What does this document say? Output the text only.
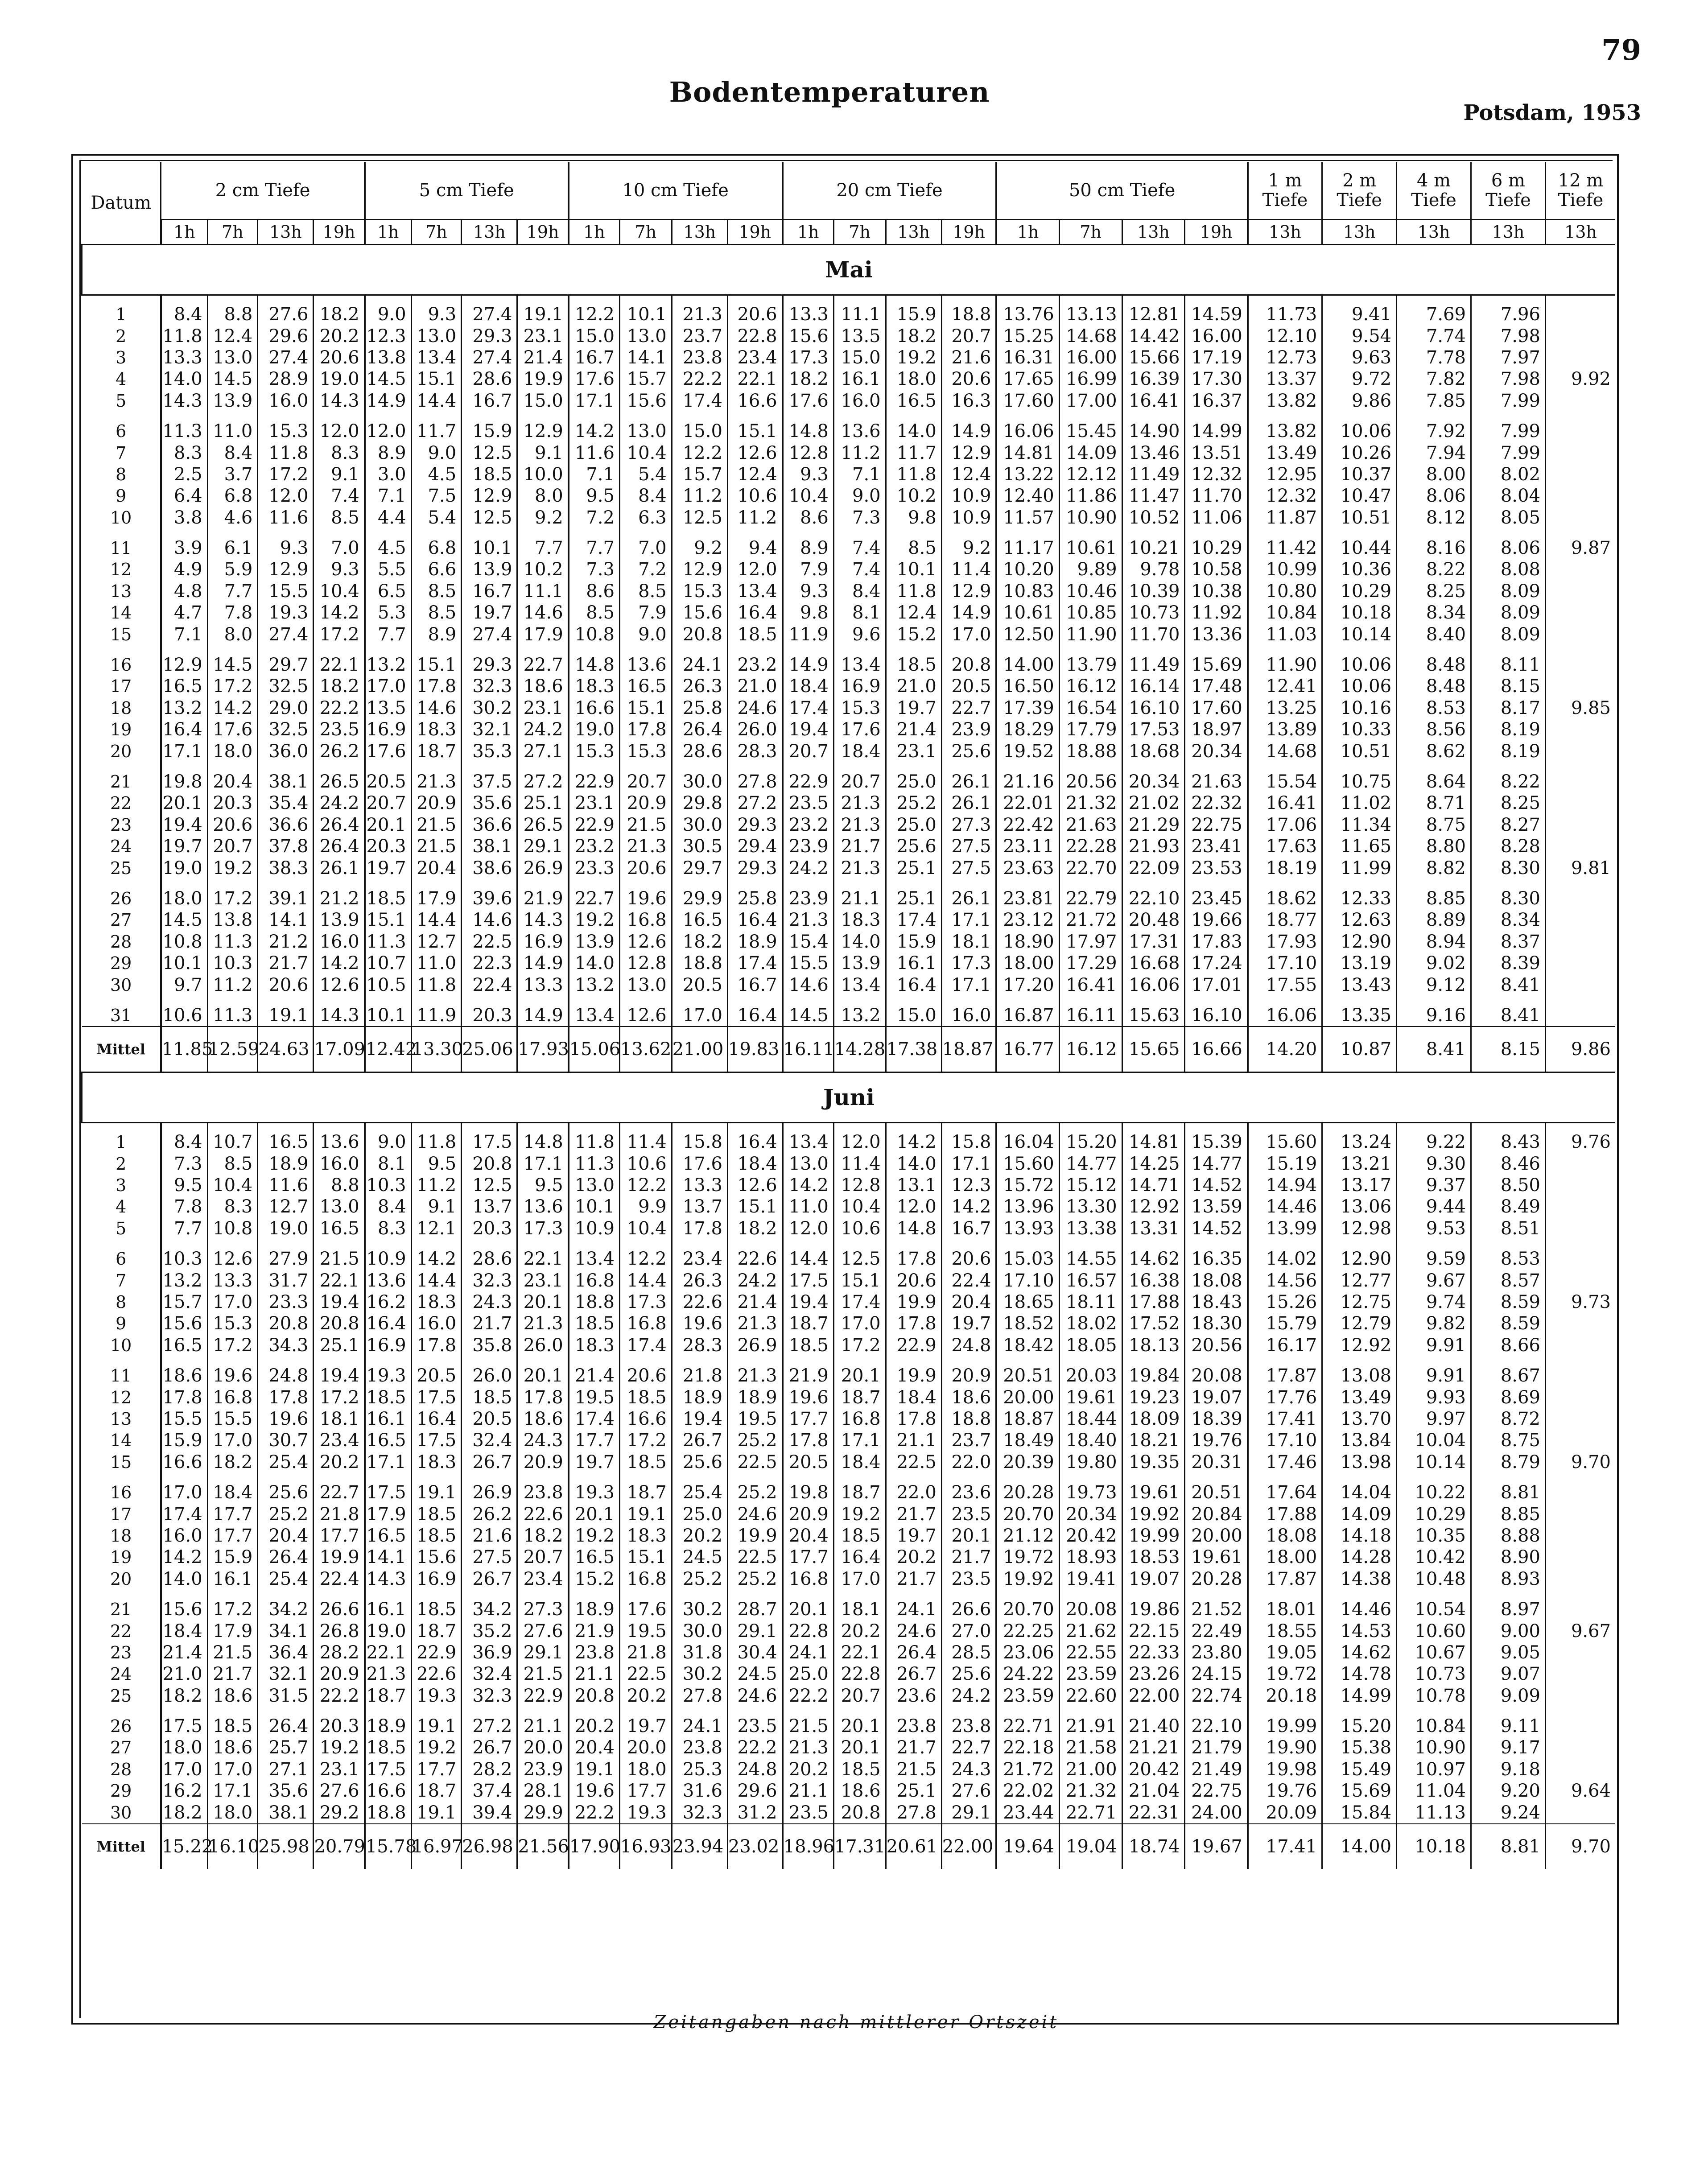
79
Bodentemperaturen
Potsdam, 1953
Datum	2 cm Tiefe				5 cm Tiefe				10 cm Tiefe				20 cm Tiefe				50 cm Tiefe				1 m Tiefe	2 m Tiefe	4 m Tiefe	6 m Tiefe	12 m Tiefe
	1h	7h	13h	19h	1h	7h	13h	19h	1h	7h	13h	19h	1h	7h	13h	19h	1h	7h	13h	19h	13h	13h	13h	13h	13h
Mai																									

1	8.4	8.8	27.6	18.2	9.0	9.3	27.4	19.1	12.2	10.1	21.3	20.6	13.3	11.1	15.9	18.8	13.76	13.13	12.81	14.59	11.73	9.41	7.69	7.96	
2	11.8	12.4	29.6	20.2	12.3	13.0	29.3	23.1	15.0	13.0	23.7	22.8	15.6	13.5	18.2	20.7	15.25	14.68	14.42	16.00	12.10	9.54	7.74	7.98	
3	13.3	13.0	27.4	20.6	13.8	13.4	27.4	21.4	16.7	14.1	23.8	23.4	17.3	15.0	19.2	21.6	16.31	16.00	15.66	17.19	12.73	9.63	7.78	7.97	
4	14.0	14.5	28.9	19.0	14.5	15.1	28.6	19.9	17.6	15.7	22.2	22.1	18.2	16.1	18.0	20.6	17.65	16.99	16.39	17.30	13.37	9.72	7.82	7.98	9.92
5	14.3	13.9	16.0	14.3	14.9	14.4	16.7	15.0	17.1	15.6	17.4	16.6	17.6	16.0	16.5	16.3	17.60	17.00	16.41	16.37	13.82	9.86	7.85	7.99	

6	11.3	11.0	15.3	12.0	12.0	11.7	15.9	12.9	14.2	13.0	15.0	15.1	14.8	13.6	14.0	14.9	16.06	15.45	14.90	14.99	13.82	10.06	7.92	7.99	
7	8.3	8.4	11.8	8.3	8.9	9.0	12.5	9.1	11.6	10.4	12.2	12.6	12.8	11.2	11.7	12.9	14.81	14.09	13.46	13.51	13.49	10.26	7.94	7.99	
8	2.5	3.7	17.2	9.1	3.0	4.5	18.5	10.0	7.1	5.4	15.7	12.4	9.3	7.1	11.8	12.4	13.22	12.12	11.49	12.32	12.95	10.37	8.00	8.02	
9	6.4	6.8	12.0	7.4	7.1	7.5	12.9	8.0	9.5	8.4	11.2	10.6	10.4	9.0	10.2	10.9	12.40	11.86	11.47	11.70	12.32	10.47	8.06	8.04	
10	3.8	4.6	11.6	8.5	4.4	5.4	12.5	9.2	7.2	6.3	12.5	11.2	8.6	7.3	9.8	10.9	11.57	10.90	10.52	11.06	11.87	10.51	8.12	8.05	

11	3.9	6.1	9.3	7.0	4.5	6.8	10.1	7.7	7.7	7.0	9.2	9.4	8.9	7.4	8.5	9.2	11.17	10.61	10.21	10.29	11.42	10.44	8.16	8.06	9.87
12	4.9	5.9	12.9	9.3	5.5	6.6	13.9	10.2	7.3	7.2	12.9	12.0	7.9	7.4	10.1	11.4	10.20	9.89	9.78	10.58	10.99	10.36	8.22	8.08	
13	4.8	7.7	15.5	10.4	6.5	8.5	16.7	11.1	8.6	8.5	15.3	13.4	9.3	8.4	11.8	12.9	10.83	10.46	10.39	10.38	10.80	10.29	8.25	8.09	
14	4.7	7.8	19.3	14.2	5.3	8.5	19.7	14.6	8.5	7.9	15.6	16.4	9.8	8.1	12.4	14.9	10.61	10.85	10.73	11.92	10.84	10.18	8.34	8.09	
15	7.1	8.0	27.4	17.2	7.7	8.9	27.4	17.9	10.8	9.0	20.8	18.5	11.9	9.6	15.2	17.0	12.50	11.90	11.70	13.36	11.03	10.14	8.40	8.09	

16	12.9	14.5	29.7	22.1	13.2	15.1	29.3	22.7	14.8	13.6	24.1	23.2	14.9	13.4	18.5	20.8	14.00	13.79	11.49	15.69	11.90	10.06	8.48	8.11	
17	16.5	17.2	32.5	18.2	17.0	17.8	32.3	18.6	18.3	16.5	26.3	21.0	18.4	16.9	21.0	20.5	16.50	16.12	16.14	17.48	12.41	10.06	8.48	8.15	
18	13.2	14.2	29.0	22.2	13.5	14.6	30.2	23.1	16.6	15.1	25.8	24.6	17.4	15.3	19.7	22.7	17.39	16.54	16.10	17.60	13.25	10.16	8.53	8.17	9.85
19	16.4	17.6	32.5	23.5	16.9	18.3	32.1	24.2	19.0	17.8	26.4	26.0	19.4	17.6	21.4	23.9	18.29	17.79	17.53	18.97	13.89	10.33	8.56	8.19	
20	17.1	18.0	36.0	26.2	17.6	18.7	35.3	27.1	15.3	15.3	28.6	28.3	20.7	18.4	23.1	25.6	19.52	18.88	18.68	20.34	14.68	10.51	8.62	8.19	

21	19.8	20.4	38.1	26.5	20.5	21.3	37.5	27.2	22.9	20.7	30.0	27.8	22.9	20.7	25.0	26.1	21.16	20.56	20.34	21.63	15.54	10.75	8.64	8.22	
22	20.1	20.3	35.4	24.2	20.7	20.9	35.6	25.1	23.1	20.9	29.8	27.2	23.5	21.3	25.2	26.1	22.01	21.32	21.02	22.32	16.41	11.02	8.71	8.25	
23	19.4	20.6	36.6	26.4	20.1	21.5	36.6	26.5	22.9	21.5	30.0	29.3	23.2	21.3	25.0	27.3	22.42	21.63	21.29	22.75	17.06	11.34	8.75	8.27	
24	19.7	20.7	37.8	26.4	20.3	21.5	38.1	29.1	23.2	21.3	30.5	29.4	23.9	21.7	25.6	27.5	23.11	22.28	21.93	23.41	17.63	11.65	8.80	8.28	
25	19.0	19.2	38.3	26.1	19.7	20.4	38.6	26.9	23.3	20.6	29.7	29.3	24.2	21.3	25.1	27.5	23.63	22.70	22.09	23.53	18.19	11.99	8.82	8.30	9.81

26	18.0	17.2	39.1	21.2	18.5	17.9	39.6	21.9	22.7	19.6	29.9	25.8	23.9	21.1	25.1	26.1	23.81	22.79	22.10	23.45	18.62	12.33	8.85	8.30	
27	14.5	13.8	14.1	13.9	15.1	14.4	14.6	14.3	19.2	16.8	16.5	16.4	21.3	18.3	17.4	17.1	23.12	21.72	20.48	19.66	18.77	12.63	8.89	8.34	
28	10.8	11.3	21.2	16.0	11.3	12.7	22.5	16.9	13.9	12.6	18.2	18.9	15.4	14.0	15.9	18.1	18.90	17.97	17.31	17.83	17.93	12.90	8.94	8.37	
29	10.1	10.3	21.7	14.2	10.7	11.0	22.3	14.9	14.0	12.8	18.8	17.4	15.5	13.9	16.1	17.3	18.00	17.29	16.68	17.24	17.10	13.19	9.02	8.39	
30	9.7	11.2	20.6	12.6	10.5	11.8	22.4	13.3	13.2	13.0	20.5	16.7	14.6	13.4	16.4	17.1	17.20	16.41	16.06	17.01	17.55	13.43	9.12	8.41	

31	10.6	11.3	19.1	14.3	10.1	11.9	20.3	14.9	13.4	12.6	17.0	16.4	14.5	13.2	15.0	16.0	16.87	16.11	15.63	16.10	16.06	13.35	9.16	8.41	
Mittel	11.85	12.59	24.63	17.09	12.42	13.30	25.06	17.93	15.06	13.62	21.00	19.83	16.11	14.28	17.38	18.87	16.77	16.12	15.65	16.66	14.20	10.87	8.41	8.15	9.86
Juni																									

1	8.4	10.7	16.5	13.6	9.0	11.8	17.5	14.8	11.8	11.4	15.8	16.4	13.4	12.0	14.2	15.8	16.04	15.20	14.81	15.39	15.60	13.24	9.22	8.43	9.76
2	7.3	8.5	18.9	16.0	8.1	9.5	20.8	17.1	11.3	10.6	17.6	18.4	13.0	11.4	14.0	17.1	15.60	14.77	14.25	14.77	15.19	13.21	9.30	8.46	
3	9.5	10.4	11.6	8.8	10.3	11.2	12.5	9.5	13.0	12.2	13.3	12.6	14.2	12.8	13.1	12.3	15.72	15.12	14.71	14.52	14.94	13.17	9.37	8.50	
4	7.8	8.3	12.7	13.0	8.4	9.1	13.7	13.6	10.1	9.9	13.7	15.1	11.0	10.4	12.0	14.2	13.96	13.30	12.92	13.59	14.46	13.06	9.44	8.49	
5	7.7	10.8	19.0	16.5	8.3	12.1	20.3	17.3	10.9	10.4	17.8	18.2	12.0	10.6	14.8	16.7	13.93	13.38	13.31	14.52	13.99	12.98	9.53	8.51	

6	10.3	12.6	27.9	21.5	10.9	14.2	28.6	22.1	13.4	12.2	23.4	22.6	14.4	12.5	17.8	20.6	15.03	14.55	14.62	16.35	14.02	12.90	9.59	8.53	
7	13.2	13.3	31.7	22.1	13.6	14.4	32.3	23.1	16.8	14.4	26.3	24.2	17.5	15.1	20.6	22.4	17.10	16.57	16.38	18.08	14.56	12.77	9.67	8.57	
8	15.7	17.0	23.3	19.4	16.2	18.3	24.3	20.1	18.8	17.3	22.6	21.4	19.4	17.4	19.9	20.4	18.65	18.11	17.88	18.43	15.26	12.75	9.74	8.59	9.73
9	15.6	15.3	20.8	20.8	16.4	16.0	21.7	21.3	18.5	16.8	19.6	21.3	18.7	17.0	17.8	19.7	18.52	18.02	17.52	18.30	15.79	12.79	9.82	8.59	
10	16.5	17.2	34.3	25.1	16.9	17.8	35.8	26.0	18.3	17.4	28.3	26.9	18.5	17.2	22.9	24.8	18.42	18.05	18.13	20.56	16.17	12.92	9.91	8.66	

11	18.6	19.6	24.8	19.4	19.3	20.5	26.0	20.1	21.4	20.6	21.8	21.3	21.9	20.1	19.9	20.9	20.51	20.03	19.84	20.08	17.87	13.08	9.91	8.67	
12	17.8	16.8	17.8	17.2	18.5	17.5	18.5	17.8	19.5	18.5	18.9	18.9	19.6	18.7	18.4	18.6	20.00	19.61	19.23	19.07	17.76	13.49	9.93	8.69	
13	15.5	15.5	19.6	18.1	16.1	16.4	20.5	18.6	17.4	16.6	19.4	19.5	17.7	16.8	17.8	18.8	18.87	18.44	18.09	18.39	17.41	13.70	9.97	8.72	
14	15.9	17.0	30.7	23.4	16.5	17.5	32.4	24.3	17.7	17.2	26.7	25.2	17.8	17.1	21.1	23.7	18.49	18.40	18.21	19.76	17.10	13.84	10.04	8.75	
15	16.6	18.2	25.4	20.2	17.1	18.3	26.7	20.9	19.7	18.5	25.6	22.5	20.5	18.4	22.5	22.0	20.39	19.80	19.35	20.31	17.46	13.98	10.14	8.79	9.70

16	17.0	18.4	25.6	22.7	17.5	19.1	26.9	23.8	19.3	18.7	25.4	25.2	19.8	18.7	22.0	23.6	20.28	19.73	19.61	20.51	17.64	14.04	10.22	8.81	
17	17.4	17.7	25.2	21.8	17.9	18.5	26.2	22.6	20.1	19.1	25.0	24.6	20.9	19.2	21.7	23.5	20.70	20.34	19.92	20.84	17.88	14.09	10.29	8.85	
18	16.0	17.7	20.4	17.7	16.5	18.5	21.6	18.2	19.2	18.3	20.2	19.9	20.4	18.5	19.7	20.1	21.12	20.42	19.99	20.00	18.08	14.18	10.35	8.88	
19	14.2	15.9	26.4	19.9	14.1	15.6	27.5	20.7	16.5	15.1	24.5	22.5	17.7	16.4	20.2	21.7	19.72	18.93	18.53	19.61	18.00	14.28	10.42	8.90	
20	14.0	16.1	25.4	22.4	14.3	16.9	26.7	23.4	15.2	16.8	25.2	25.2	16.8	17.0	21.7	23.5	19.92	19.41	19.07	20.28	17.87	14.38	10.48	8.93	

21	15.6	17.2	34.2	26.6	16.1	18.5	34.2	27.3	18.9	17.6	30.2	28.7	20.1	18.1	24.1	26.6	20.70	20.08	19.86	21.52	18.01	14.46	10.54	8.97	
22	18.4	17.9	34.1	26.8	19.0	18.7	35.2	27.6	21.9	19.5	30.0	29.1	22.8	20.2	24.6	27.0	22.25	21.62	22.15	22.49	18.55	14.53	10.60	9.00	9.67
23	21.4	21.5	36.4	28.2	22.1	22.9	36.9	29.1	23.8	21.8	31.8	30.4	24.1	22.1	26.4	28.5	23.06	22.55	22.33	23.80	19.05	14.62	10.67	9.05	
24	21.0	21.7	32.1	20.9	21.3	22.6	32.4	21.5	21.1	22.5	30.2	24.5	25.0	22.8	26.7	25.6	24.22	23.59	23.26	24.15	19.72	14.78	10.73	9.07	
25	18.2	18.6	31.5	22.2	18.7	19.3	32.3	22.9	20.8	20.2	27.8	24.6	22.2	20.7	23.6	24.2	23.59	22.60	22.00	22.74	20.18	14.99	10.78	9.09	

26	17.5	18.5	26.4	20.3	18.9	19.1	27.2	21.1	20.2	19.7	24.1	23.5	21.5	20.1	23.8	23.8	22.71	21.91	21.40	22.10	19.99	15.20	10.84	9.11	
27	18.0	18.6	25.7	19.2	18.5	19.2	26.7	20.0	20.4	20.0	23.8	22.2	21.3	20.1	21.7	22.7	22.18	21.58	21.21	21.79	19.90	15.38	10.90	9.17	
28	17.0	17.0	27.1	23.1	17.5	17.7	28.2	23.9	19.1	18.0	25.3	24.8	20.2	18.5	21.5	24.3	21.72	21.00	20.42	21.49	19.98	15.49	10.97	9.18	
29	16.2	17.1	35.6	27.6	16.6	18.7	37.4	28.1	19.6	17.7	31.6	29.6	21.1	18.6	25.1	27.6	22.02	21.32	21.04	22.75	19.76	15.69	11.04	9.20	9.64
30	18.2	18.0	38.1	29.2	18.8	19.1	39.4	29.9	22.2	19.3	32.3	31.2	23.5	20.8	27.8	29.1	23.44	22.71	22.31	24.00	20.09	15.84	11.13	9.24	
Mittel	15.22	16.10	25.98	20.79	15.78	16.97	26.98	21.56	17.90	16.93	23.94	23.02	18.96	17.31	20.61	22.00	19.64	19.04	18.74	19.67	17.41	14.00	10.18	8.81	9.70
Zeitangaben nach mittlerer Ortszeit
